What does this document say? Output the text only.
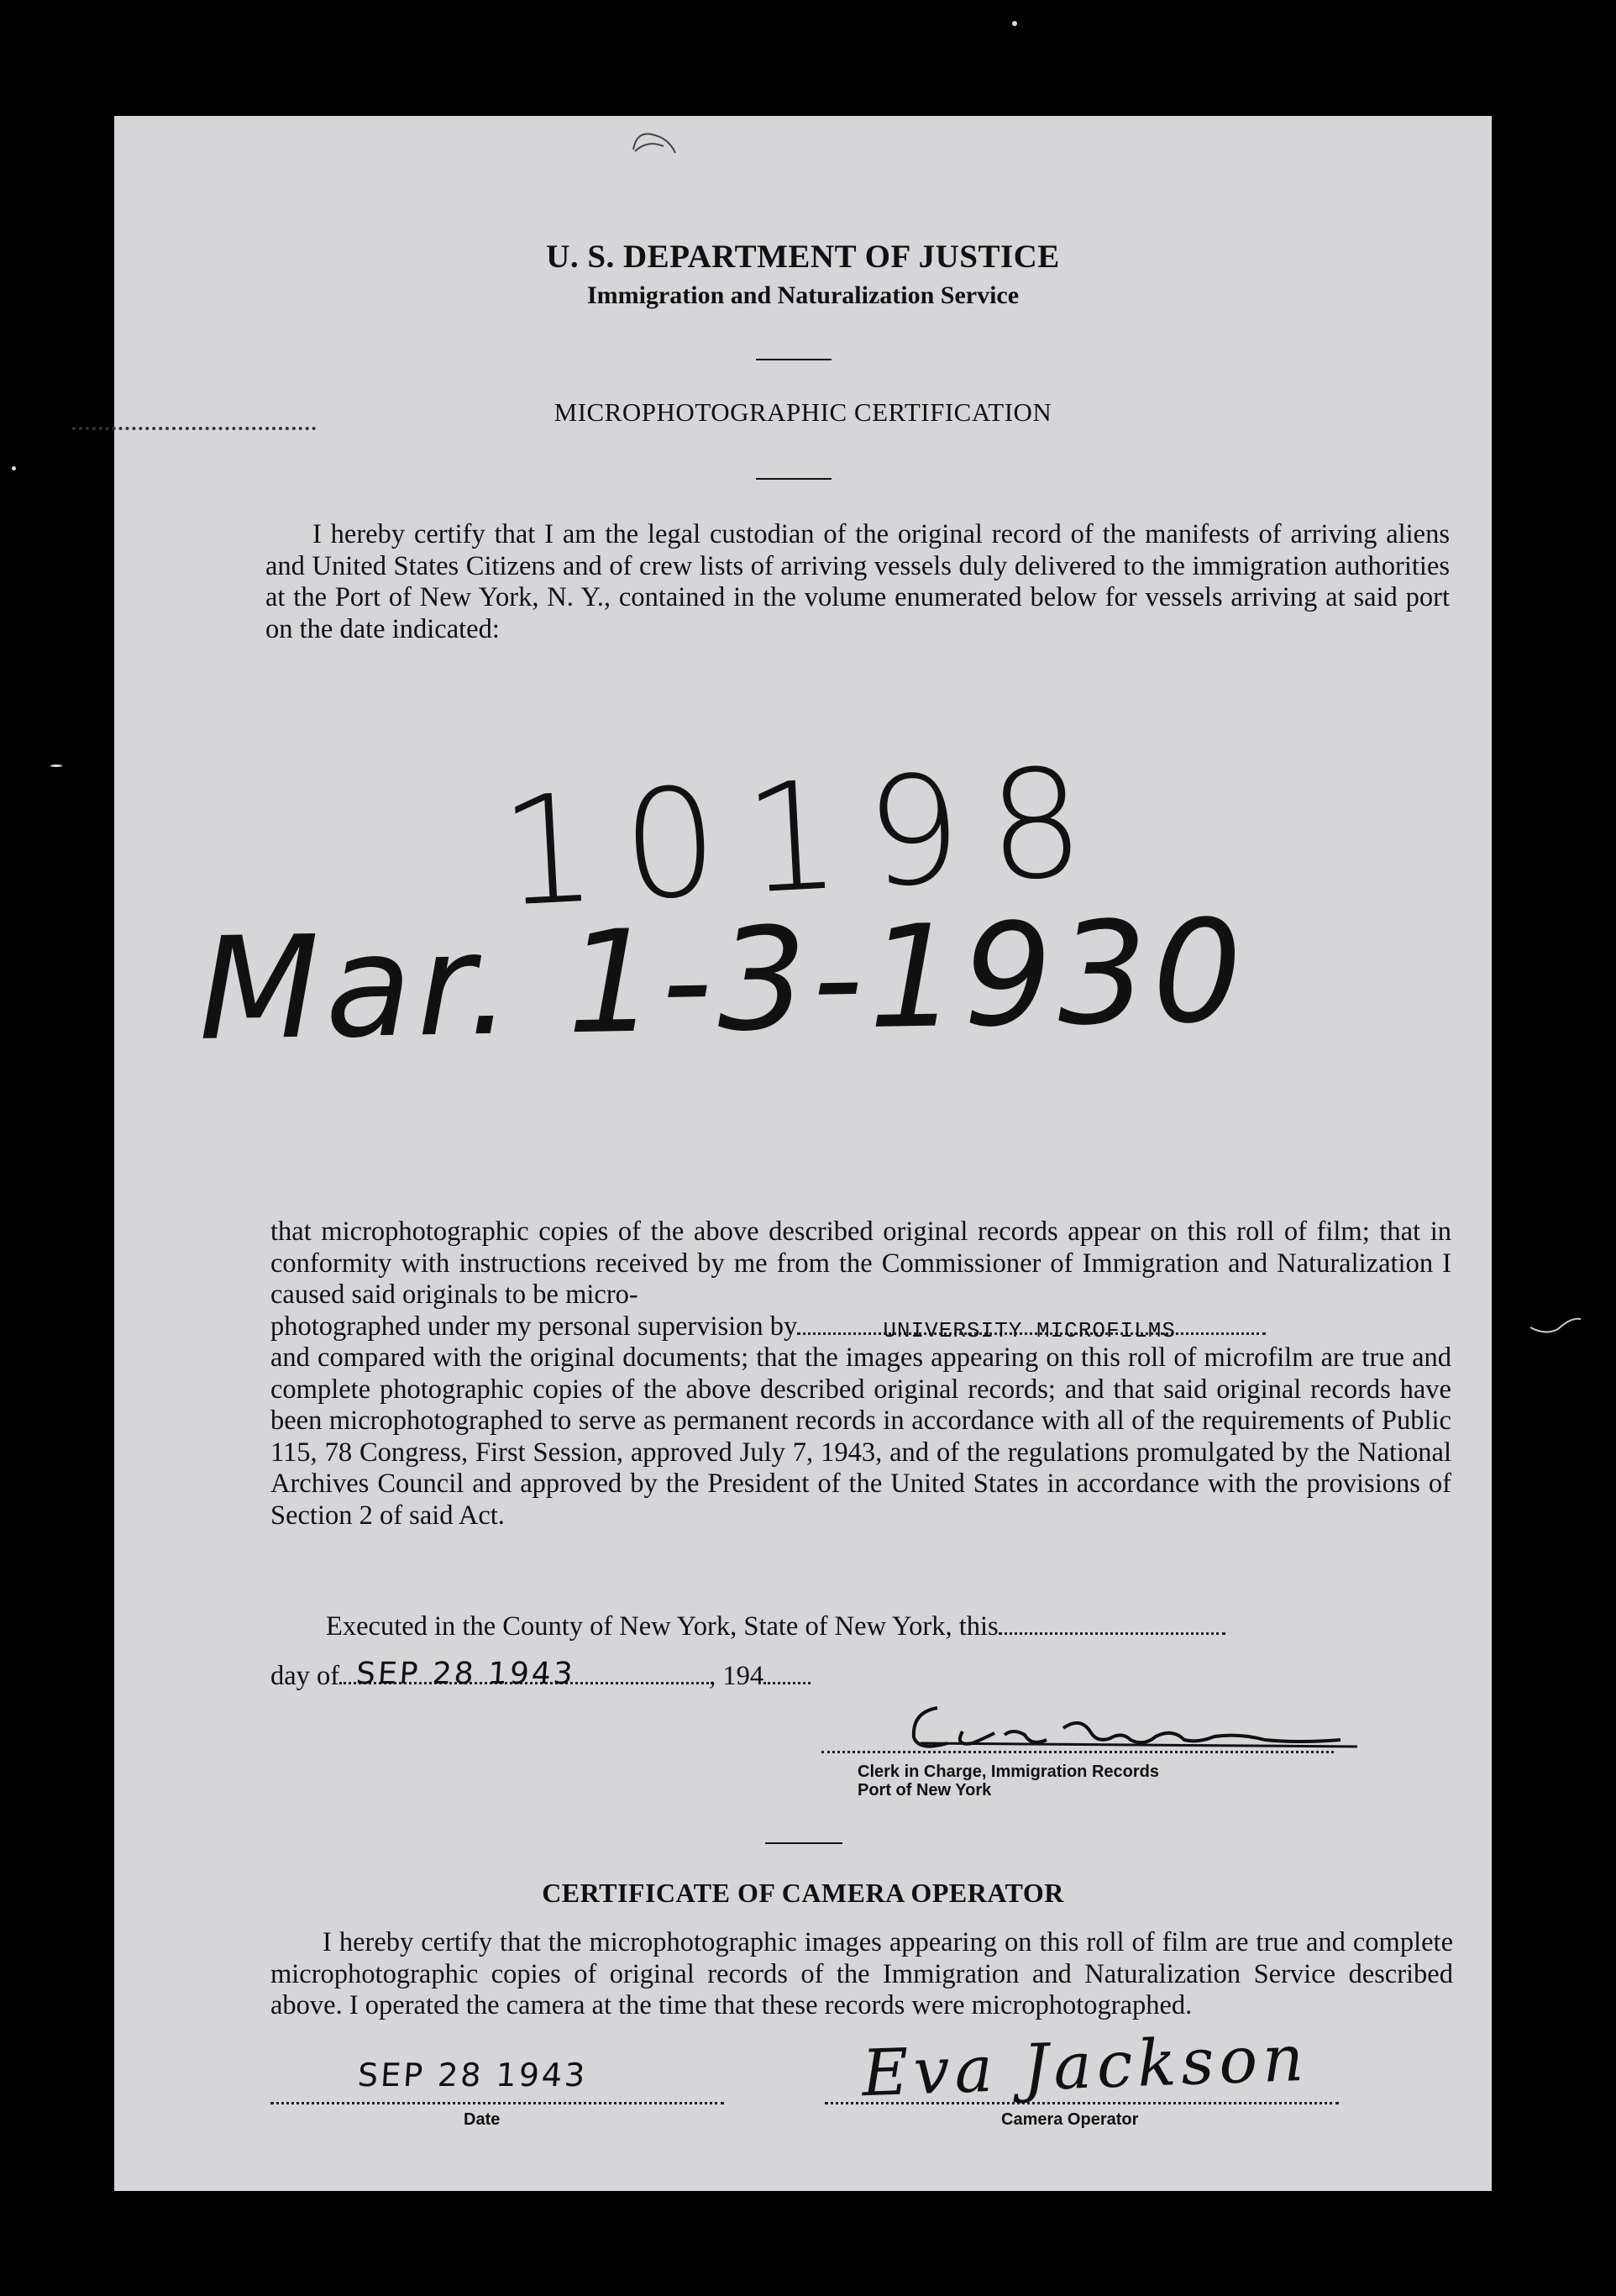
U. S. DEPARTMENT OF JUSTICE
Immigration and Naturalization Service
MICROPHOTOGRAPHIC CERTIFICATION
I hereby certify that I am the legal custodian of the original record of the manifests of arriving aliens and United States Citizens and of crew lists of arriving vessels duly delivered to the immigration authorities at the Port of New York, N. Y., contained in the volume enumerated below for vessels arriving at said port on the date indicated:
10198
Mar. 1-3-1930
that microphotographic copies of the above described original records appear on this roll of film; that in conformity with instructions received by me from the Commissioner of Immigration and Naturalization I caused said originals to be micro-
photographed under my personal supervision by	UNIVERSITY MICROFILMS
and compared with the original documents; that the images appearing on this roll of microfilm are true and complete photographic copies of the above described original records; and that said original records have been microphotographed to serve as permanent records in accordance with all of the requirements of Public 115, 78 Congress, First Session, approved July 7, 1943, and of the regulations promulgated by the National Archives Council and approved by the President of the United States in accordance with the provisions of Section 2 of said Act.
Executed in the County of New York, State of New York, this
day of SEP 28 1943	, 194
Clerk in Charge, Immigration Records
Port of New York
CERTIFICATE OF CAMERA OPERATOR
I hereby certify that the microphotographic images appearing on this roll of film are true and complete microphotographic copies of original records of the Immigration and Naturalization Service described above. I operated the camera at the time that these records were microphotographed.
SEP 28 1943
Date
Eva Jackson
Camera Operator
